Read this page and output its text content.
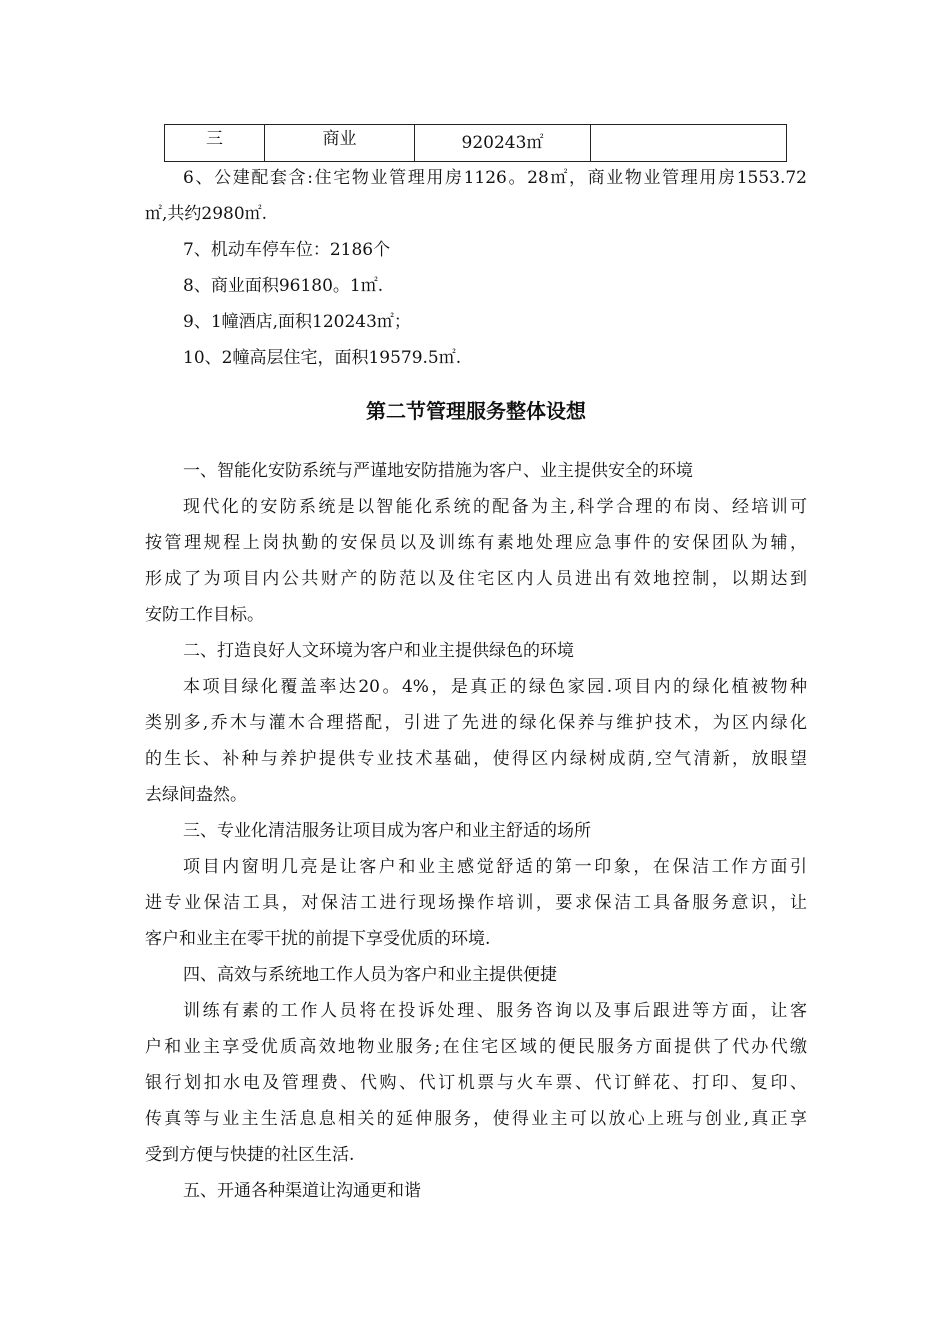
三	商业	920243㎡	
6、公建配套含:住宅物业管理用房1126。28㎡，商业物业管理用房1553.72
㎡,共约2980㎡.
7、机动车停车位：2186个
8、商业面积96180。1㎡.
9、1幢酒店,面积120243㎡；
10、2幢高层住宅，面积19579.5㎡.
第二节管理服务整体设想
一、智能化安防系统与严谨地安防措施为客户、业主提供安全的环境
现代化的安防系统是以智能化系统的配备为主,科学合理的布岗、经培训可
按管理规程上岗执勤的安保员以及训练有素地处理应急事件的安保团队为辅，
形成了为项目内公共财产的防范以及住宅区内人员进出有效地控制，以期达到
安防工作目标。
二、打造良好人文环境为客户和业主提供绿色的环境
本项目绿化覆盖率达20。4%，是真正的绿色家园.项目内的绿化植被物种
类别多,乔木与灌木合理搭配，引进了先进的绿化保养与维护技术，为区内绿化
的生长、补种与养护提供专业技术基础，使得区内绿树成荫,空气清新，放眼望
去绿间盎然。
三、专业化清洁服务让项目成为客户和业主舒适的场所
项目内窗明几亮是让客户和业主感觉舒适的第一印象，在保洁工作方面引
进专业保洁工具，对保洁工进行现场操作培训，要求保洁工具备服务意识，让
客户和业主在零干扰的前提下享受优质的环境.
四、高效与系统地工作人员为客户和业主提供便捷
训练有素的工作人员将在投诉处理、服务咨询以及事后跟进等方面，让客
户和业主享受优质高效地物业服务;在住宅区域的便民服务方面提供了代办代缴
银行划扣水电及管理费、代购、代订机票与火车票、代订鲜花、打印、复印、
传真等与业主生活息息相关的延伸服务，使得业主可以放心上班与创业,真正享
受到方便与快捷的社区生活.
五、开通各种渠道让沟通更和谐
